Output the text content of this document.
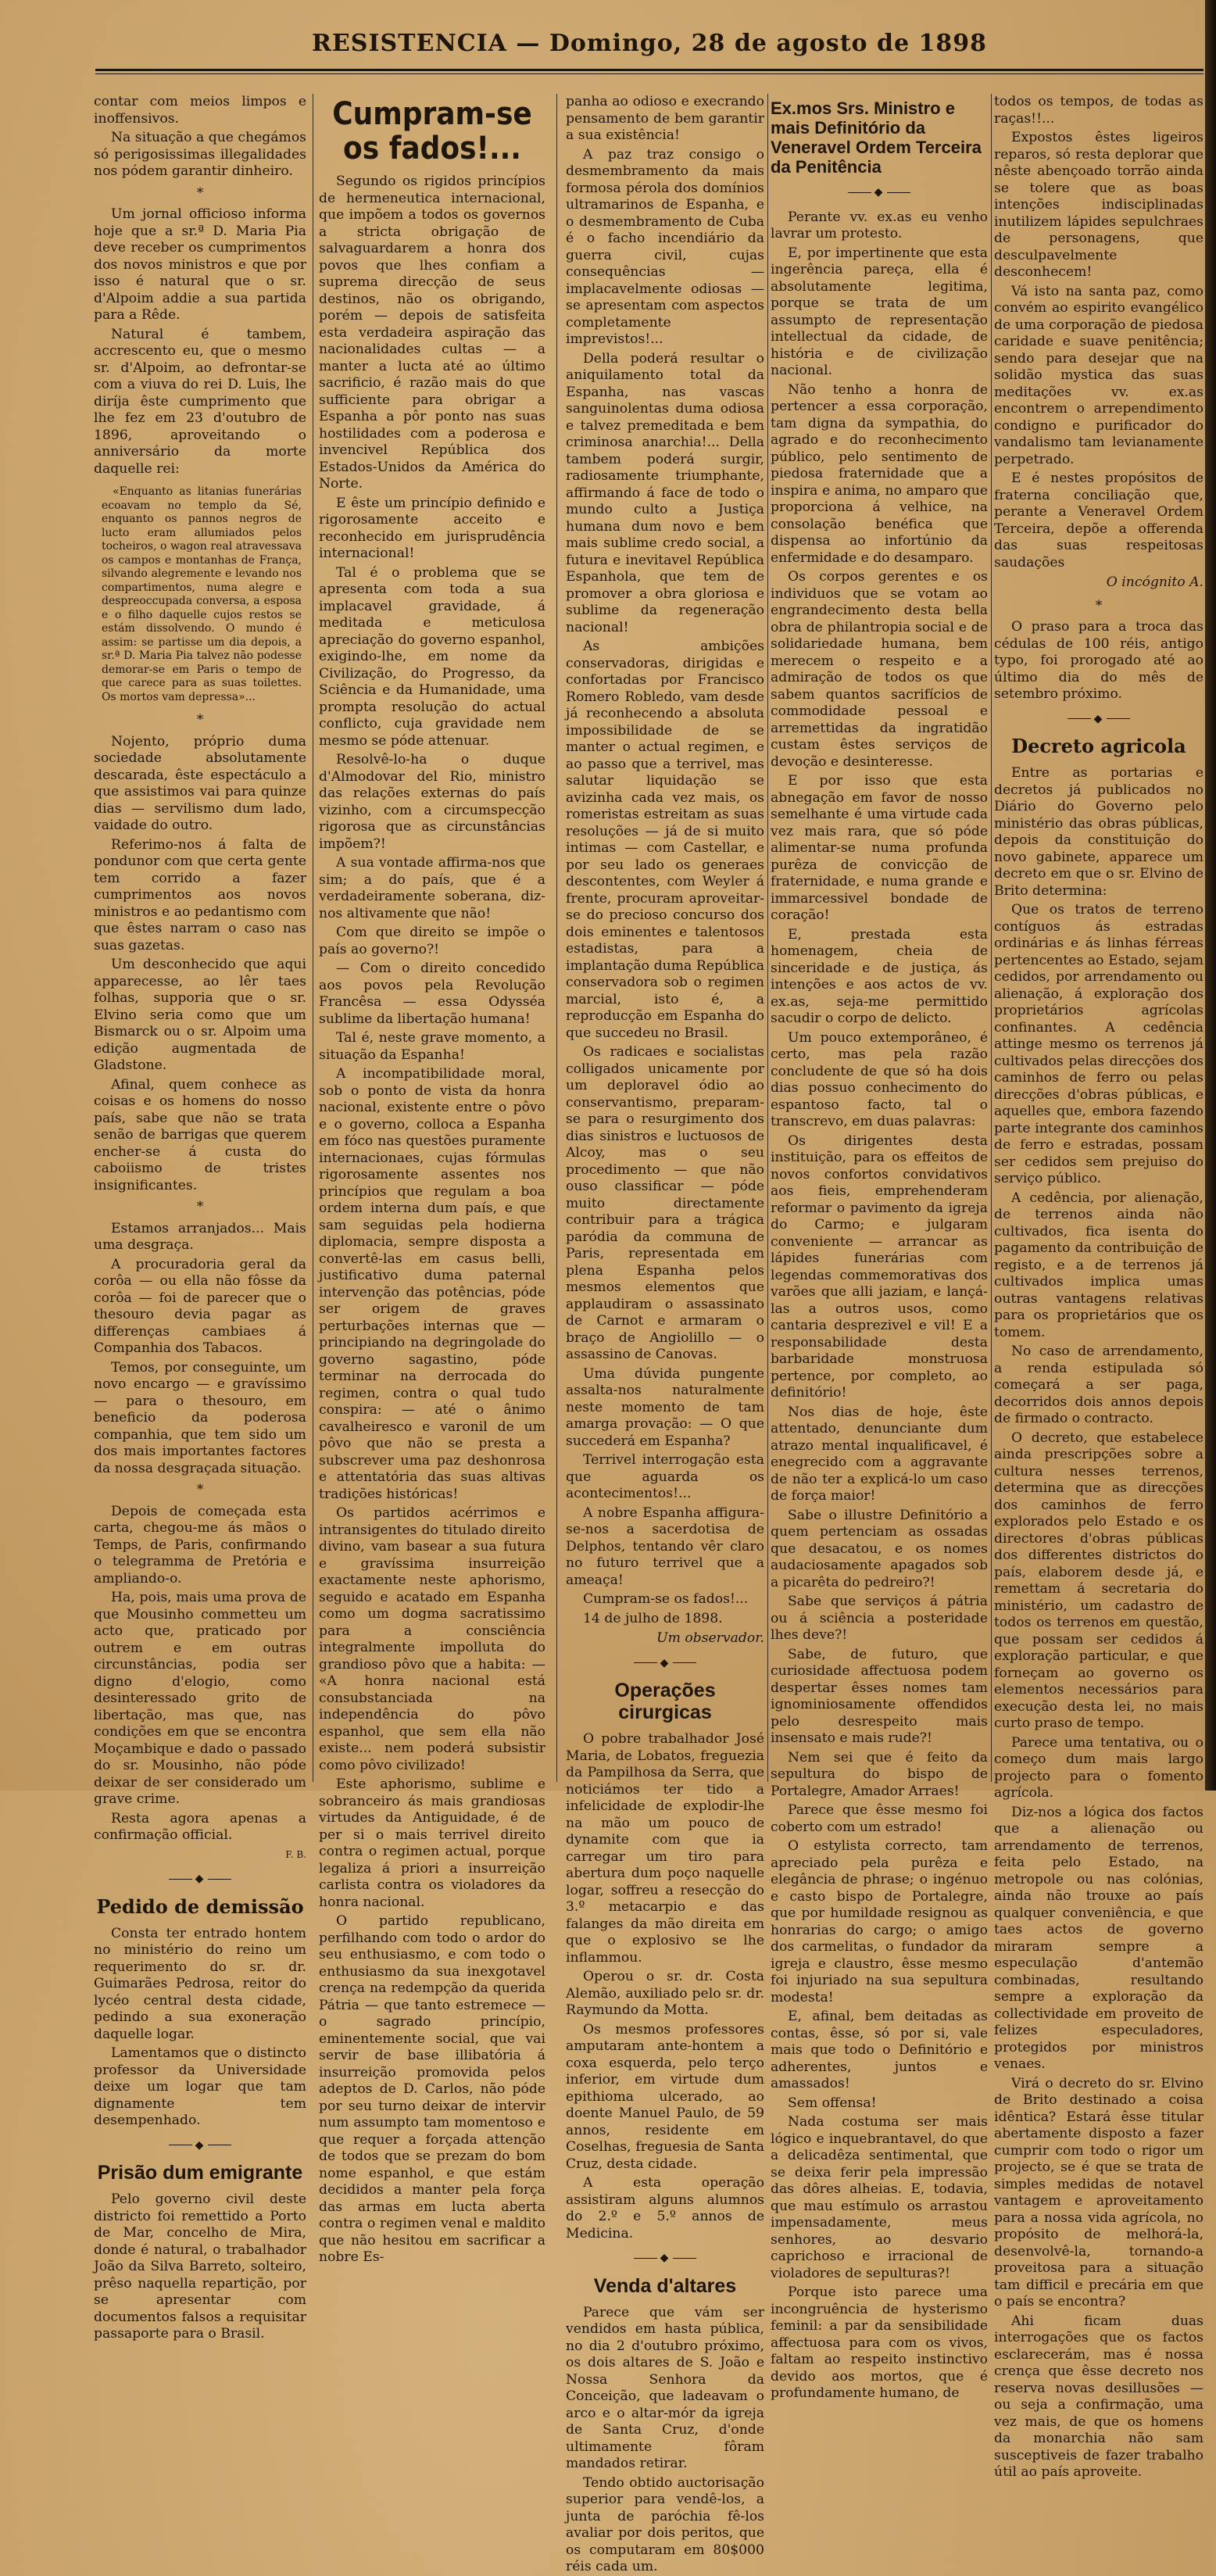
RESISTENCIA — Domingo, 28 de agosto de 1898

contar com meios limpos e inoffensivos.

Na situação a que chegámos só perigosissimas illegalidades nos pódem garantir dinheiro.

*

Um jornal officioso informa hoje que a sr.ª D. Maria Pia deve receber os cumprimentos dos novos ministros e que por isso é natural que o sr. d'Alpoim addie a sua partida para a Rêde.

Natural é tambem, accrescento eu, que o mesmo sr. d'Alpoim, ao defrontar-se com a viuva do rei D. Luis, lhe diríja êste cumprimento que lhe fez em 23 d'outubro de 1896, aproveitando o anniversário da morte daquelle rei:

«Enquanto as litanias funerárias ecoavam no templo da Sé, enquanto os pannos negros de lucto eram allumiados pelos tocheiros, o wagon real atravessava os campos e montanhas de França, silvando alegremente e levando nos compartimentos, numa alegre e despreoccupada conversa, a esposa e o filho daquelle cujos restos se estám dissolvendo. O mundo é assim: se partisse um dia depois, a sr.ª D. Maria Pia talvez não podesse demorar-se em Paris o tempo de que carece para as suas toilettes. Os mortos vam depressa»...

*

Nojento, próprio duma sociedade absolutamente descarada, êste espectáculo a que assistimos vai para quinze dias — servilismo dum lado, vaidade do outro.

Referimo-nos á falta de pondunor com que certa gente tem corrido a fazer cumprimentos aos novos ministros e ao pedantismo com que êstes narram o caso nas suas gazetas.

Um desconhecido que aqui apparecesse, ao lêr taes folhas, supporia que o sr. Elvino seria como que um Bismarck ou o sr. Alpoim uma edição augmentada de Gladstone.

Afinal, quem conhece as coisas e os homens do nosso país, sabe que não se trata senão de barrigas que querem encher-se á custa do caboiismo de tristes insignificantes.

*

Estamos arranjados... Mais uma desgraça.

A procuradoria geral da corôa — ou ella não fôsse da corôa — foi de parecer que o thesouro devia pagar as differenças cambiaes á Companhia dos Tabacos.

Temos, por conseguinte, um novo encargo — e gravíssimo — para o thesouro, em beneficio da poderosa companhia, que tem sido um dos mais importantes factores da nossa desgraçada situação.

*

Depois de começada esta carta, chegou-me ás mãos o Temps, de Paris, confirmando o telegramma de Pretória e ampliando-o.

Ha, pois, mais uma prova de que Mousinho commetteu um acto que, praticado por outrem e em outras circunstâncias, podia ser digno d'elogio, como desinteressado grito de libertação, mas que, nas condições em que se encontra Moçambique e dado o passado do sr. Mousinho, não póde deixar de ser considerado um grave crime.

Resta agora apenas a confirmação official.

F. B.
◆
Pedido de demissão

Consta ter entrado hontem no ministério do reino um requerimento do sr. dr. Guimarães Pedrosa, reitor do lycéo central desta cidade, pedindo a sua exoneração daquelle logar.

Lamentamos que o distincto professor da Universidade deixe um logar que tam dignamente tem desempenhado.

◆
Prisão dum emigrante

Pelo governo civil deste districto foi remettido a Porto de Mar, concelho de Mira, donde é natural, o trabalhador João da Silva Barreto, solteiro, prêso naquella repartição, por se apresentar com documentos falsos a requisitar passaporte para o Brasil.

Cumpram-se os fados!...

Segundo os rigidos princípios de hermeneutica internacional, que impõem a todos os governos a stricta obrigação de salvaguardarem a honra dos povos que lhes confiam a suprema direcção de seus destinos, não os obrigando, porém — depois de satisfeita esta verdadeira aspiração das nacionalidades cultas — a manter a lucta até ao último sacrificio, é razão mais do que sufficiente para obrigar a Espanha a pôr ponto nas suas hostilidades com a poderosa e invencivel República dos Estados-Unidos da América do Norte.

E êste um princípio definido e rigorosamente acceito e reconhecido em jurisprudência internacional!

Tal é o problema que se apresenta com toda a sua implacavel gravidade, á meditada e meticulosa apreciação do governo espanhol, exigindo-lhe, em nome da Civilização, do Progresso, da Sciência e da Humanidade, uma prompta resolução do actual conflicto, cuja gravidade nem mesmo se póde attenuar.

Resolvê-lo-ha o duque d'Almodovar del Rio, ministro das relações externas do país vizinho, com a circumspecção rigorosa que as circunstâncias impõem?!

A sua vontade affirma-nos que sim; a do país, que é a verdadeiramente soberana, diz-nos altivamente que não!

Com que direito se impõe o país ao governo?!

— Com o direito concedido aos povos pela Revolução Francêsa — essa Odysséa sublime da libertação humana!

Tal é, neste grave momento, a situação da Espanha!

A incompatibilidade moral, sob o ponto de vista da honra nacional, existente entre o pôvo e o governo, colloca a Espanha em fóco nas questões puramente internacionaes, cujas fórmulas rigorosamente assentes nos princípios que regulam a boa ordem interna dum país, e que sam seguidas pela hodierna diplomacia, sempre disposta a convertê-las em casus belli, justificativo duma paternal intervenção das potências, póde ser origem de graves perturbações internas que — principiando na degringolade do governo sagastino, póde terminar na derrocada do regimen, contra o qual tudo conspira: — até o ânimo cavalheiresco e varonil de um pôvo que não se presta a subscrever uma paz deshonrosa e attentatória das suas altivas tradições históricas!

Os partidos acérrimos e intransigentes do titulado direito divino, vam basear a sua futura e gravíssima insurreição exactamente neste aphorismo, seguido e acatado em Espanha como um dogma sacratissimo para a consciência integralmente impolluta do grandioso pôvo que a habita: — «A honra nacional está consubstanciada na independência do pôvo espanhol, que sem ella não existe... nem poderá subsistir como pôvo civilizado!

Este aphorismo, sublime e sobranceiro ás mais grandiosas virtudes da Antiguidade, é de per si o mais terrivel direito contra o regimen actual, porque legaliza á priori a insurreição carlista contra os violadores da honra nacional.

O partido republicano, perfilhando com todo o ardor do seu enthusiasmo, e com todo o enthusiasmo da sua inexgotavel crença na redempção da querida Pátria — que tanto estremece — o sagrado princípio, eminentemente social, que vai servir de base illibatória á insurreição promovida pelos adeptos de D. Carlos, não póde por seu turno deixar de intervir num assumpto tam momentoso e que requer a forçada attenção de todos que se prezam do bom nome espanhol, e que estám decididos a manter pela força das armas em lucta aberta contra o regimen venal e maldito que não hesitou em sacrificar a nobre Es-

panha ao odioso e execrando pensamento de bem garantir a sua existência!

A paz traz consigo o desmembramento da mais formosa pérola dos domínios ultramarinos de Espanha, e o desmembramento de Cuba é o facho incendiário da guerra civil, cujas consequências — implacavelmente odiosas — se apresentam com aspectos completamente imprevistos!...

Della poderá resultar o aniquilamento total da Espanha, nas vascas sanguinolentas duma odiosa e talvez premeditada e bem criminosa anarchia!... Della tambem poderá surgir, radiosamente triumphante, affirmando á face de todo o mundo culto a Justiça humana dum novo e bem mais sublime credo social, a futura e inevitavel República Espanhola, que tem de promover a obra gloriosa e sublime da regeneração nacional!

As ambições conservadoras, dirigidas e confortadas por Francisco Romero Robledo, vam desde já reconhecendo a absoluta impossibilidade de se manter o actual regimen, e ao passo que a terrivel, mas salutar liquidação se avizinha cada vez mais, os romeristas estreitam as suas resoluções — já de si muito intimas — com Castellar, e por seu lado os generaes descontentes, com Weyler á frente, procuram aproveitar-se do precioso concurso dos dois eminentes e talentosos estadistas, para a implantação duma República conservadora sob o regimen marcial, isto é, a reproducção em Espanha do que succedeu no Brasil.

Os radicaes e socialistas colligados unicamente por um deploravel ódio ao conservantismo, preparam-se para o resurgimento dos dias sinistros e luctuosos de Alcoy, mas o seu procedimento — que não ouso classificar — póde muito directamente contribuir para a trágica paródia da communa de Paris, representada em plena Espanha pelos mesmos elementos que applaudiram o assassinato de Carnot e armaram o braço de Angiolillo — o assassino de Canovas.

Uma dúvida pungente assalta-nos naturalmente neste momento de tam amarga provação: — O que succederá em Espanha?

Terrivel interrogação esta que aguarda os acontecimentos!...

A nobre Espanha affigura-se-nos a sacerdotisa de Delphos, tentando vêr claro no futuro terrivel que a ameaça!

Cumpram-se os fados!...

14 de julho de 1898.

Um observador.
◆
Operações cirurgicas

O pobre trabalhador José Maria, de Lobatos, freguezia da Pampilhosa da Serra, que noticiámos ter tido a infelicidade de explodir-lhe na mão um pouco de dynamite com que ia carregar um tiro para abertura dum poço naquelle logar, soffreu a resecção do 3.º metacarpio e das falanges da mão direita em que o explosivo se lhe inflammou.

Operou o sr. dr. Costa Alemão, auxiliado pelo sr. dr. Raymundo da Motta.

Os mesmos professores amputaram ante-hontem a coxa esquerda, pelo terço inferior, em virtude dum epithioma ulcerado, ao doente Manuel Paulo, de 59 annos, residente em Coselhas, freguesia de Santa Cruz, desta cidade.

A esta operação assistiram alguns alumnos do 2.º e 5.º annos de Medicina.

◆
Venda d'altares

Parece que vám ser vendidos em hasta pública, no dia 2 d'outubro próximo, os dois altares de S. João e Nossa Senhora da Conceição, que ladeavam o arco e o altar-mór da igreja de Santa Cruz, d'onde ultimamente fôram mandados retirar.

Tendo obtido auctorisação superior para vendê-los, a junta de paróchia fê-los avaliar por dois peritos, que os computaram em 80$000 réis cada um.

Ex.mos Srs. Ministro e mais Definitório da Veneravel Ordem Terceira da Penitência
◆

Perante vv. ex.as eu venho lavrar um protesto.

E, por impertinente que esta ingerência pareça, ella é absolutamente legitima, porque se trata de um assumpto de representação intellectual da cidade, de história e de civilização nacional.

Não tenho a honra de pertencer a essa corporação, tam digna da sympathia, do agrado e do reconhecimento público, pelo sentimento de piedosa fraternidade que a inspira e anima, no amparo que proporciona á velhice, na consolação benéfica que dispensa ao infortúnio da enfermidade e do desamparo.

Os corpos gerentes e os individuos que se votam ao engrandecimento desta bella obra de philantropia social e de solidariedade humana, bem merecem o respeito e a admiração de todos os que sabem quantos sacrifícios de commodidade pessoal e arremettidas da ingratidão custam êstes serviços de devoção e desinteresse.

E por isso que esta abnegação em favor de nosso semelhante é uma virtude cada vez mais rara, que só póde alimentar-se numa profunda purêza de convicção de fraternidade, e numa grande e immarcessivel bondade de coração!

E, prestada esta homenagem, cheia de sinceridade e de justiça, ás intenções e aos actos de vv. ex.as, seja-me permittido sacudir o corpo de delicto.

Um pouco extemporâneo, é certo, mas pela razão concludente de que só ha dois dias possuo conhecimento do espantoso facto, tal o transcrevo, em duas palavras:

Os dirigentes desta instituição, para os effeitos de novos confortos convidativos aos fieis, emprehenderam reformar o pavimento da igreja do Carmo; e julgaram conveniente — arrancar as lápides funerárias com legendas commemorativas dos varões que alli jaziam, e lançá-las a outros usos, como cantaria desprezivel e vil! E a responsabilidade desta barbaridade monstruosa pertence, por completo, ao definitório!

Nos dias de hoje, êste attentado, denunciante dum atrazo mental inqualificavel, é enegrecido com a aggravante de não ter a explicá-lo um caso de força maior!

Sabe o illustre Definitório a quem pertenciam as ossadas que desacatou, e os nomes audaciosamente apagados sob a picarêta do pedreiro?!

Sabe que serviços á pátria ou á sciência a posteridade lhes deve?!

Sabe, de futuro, que curiosidade affectuosa podem despertar êsses nomes tam ignominiosamente offendidos pelo desrespeito mais insensato e mais rude?!

Nem sei que é feito da sepultura do bispo de Portalegre, Amador Arraes!

Parece que êsse mesmo foi coberto com um estrado!

O estylista correcto, tam apreciado pela purêza e elegância de phrase; o ingénuo e casto bispo de Portalegre, que por humildade resignou as honrarias do cargo; o amigo dos carmelitas, o fundador da igreja e claustro, êsse mesmo foi injuriado na sua sepultura modesta!

E, afinal, bem deitadas as contas, êsse, só por si, vale mais que todo o Definitório e adherentes, juntos e amassados!

Sem offensa!

Nada costuma ser mais lógico e inquebrantavel, do que a delicadêza sentimental, que se deixa ferir pela impressão das dôres alheias. E, todavia, que mau estímulo os arrastou impensadamente, meus senhores, ao desvario caprichoso e irracional de violadores de sepulturas?!

Porque isto parece uma incongruência de hysterismo feminil: a par da sensibilidade affectuosa para com os vivos, faltam ao respeito instinctivo devido aos mortos, que é profundamente humano, de

todos os tempos, de todas as raças!!...

Expostos êstes ligeiros reparos, só resta deplorar que nêste abençoado torrão ainda se tolere que as boas intenções indisciplinadas inutilizem lápides sepulchraes de personagens, que desculpavelmente desconhecem!

Vá isto na santa paz, como convém ao espirito evangélico de uma corporação de piedosa caridade e suave penitência; sendo para desejar que na solidão mystica das suas meditações vv. ex.as encontrem o arrependimento condigno e purificador do vandalismo tam levianamente perpetrado.

E é nestes propósitos de fraterna conciliação que, perante a Veneravel Ordem Terceira, depõe a offerenda das suas respeitosas saudações

O incógnito A.
*

O praso para a troca das cédulas de 100 réis, antigo typo, foi prorogado até ao último dia do mês de setembro próximo.

◆
Decreto agricola

Entre as portarias e decretos já publicados no Diário do Governo pelo ministério das obras públicas, depois da constituição do novo gabinete, apparece um decreto em que o sr. Elvino de Brito determina:

Que os tratos de terreno contíguos ás estradas ordinárias e ás linhas férreas pertencentes ao Estado, sejam cedidos, por arrendamento ou alienação, á exploração dos proprietários agrícolas confinantes. A cedência attinge mesmo os terrenos já cultivados pelas direcções dos caminhos de ferro ou pelas direcções d'obras públicas, e aquelles que, embora fazendo parte integrante dos caminhos de ferro e estradas, possam ser cedidos sem prejuiso do serviço público.

A cedência, por alienação, de terrenos ainda não cultivados, fica isenta do pagamento da contribuição de registo, e a de terrenos já cultivados implica umas outras vantagens relativas para os proprietários que os tomem.

No caso de arrendamento, a renda estipulada só começará a ser paga, decorridos dois annos depois de firmado o contracto.

O decreto, que estabelece ainda prescripções sobre a cultura nesses terrenos, determina que as direcções dos caminhos de ferro explorados pelo Estado e os directores d'obras públicas dos differentes districtos do país, elaborem desde já, e remettam á secretaria do ministério, um cadastro de todos os terrenos em questão, que possam ser cedidos á exploração particular, e que forneçam ao governo os elementos necessários para execução desta lei, no mais curto praso de tempo.

Parece uma tentativa, ou o começo dum mais largo projecto para o fomento agrícola.

Diz-nos a lógica dos factos que a alienação ou arrendamento de terrenos, feita pelo Estado, na metropole ou nas colónias, ainda não trouxe ao país qualquer conveniência, e que taes actos de governo miraram sempre a especulação d'antemão combinadas, resultando sempre a exploração da collectividade em proveito de felizes especuladores, protegidos por ministros venaes.

Virá o decreto do sr. Elvino de Brito destinado a coisa idêntica? Estará êsse titular abertamente disposto a fazer cumprir com todo o rigor um projecto, se é que se trata de simples medidas de notavel vantagem e aproveitamento para a nossa vida agrícola, no propósito de melhorá-la, desenvolvê-la, tornando-a proveitosa para a situação tam difficil e precária em que o país se encontra?

Ahi ficam duas interrogações que os factos esclarecerám, mas é nossa crença que êsse decreto nos reserva novas desillusões — ou seja a confirmação, uma vez mais, de que os homens da monarchia não sam susceptiveis de fazer trabalho útil ao país aproveite.
